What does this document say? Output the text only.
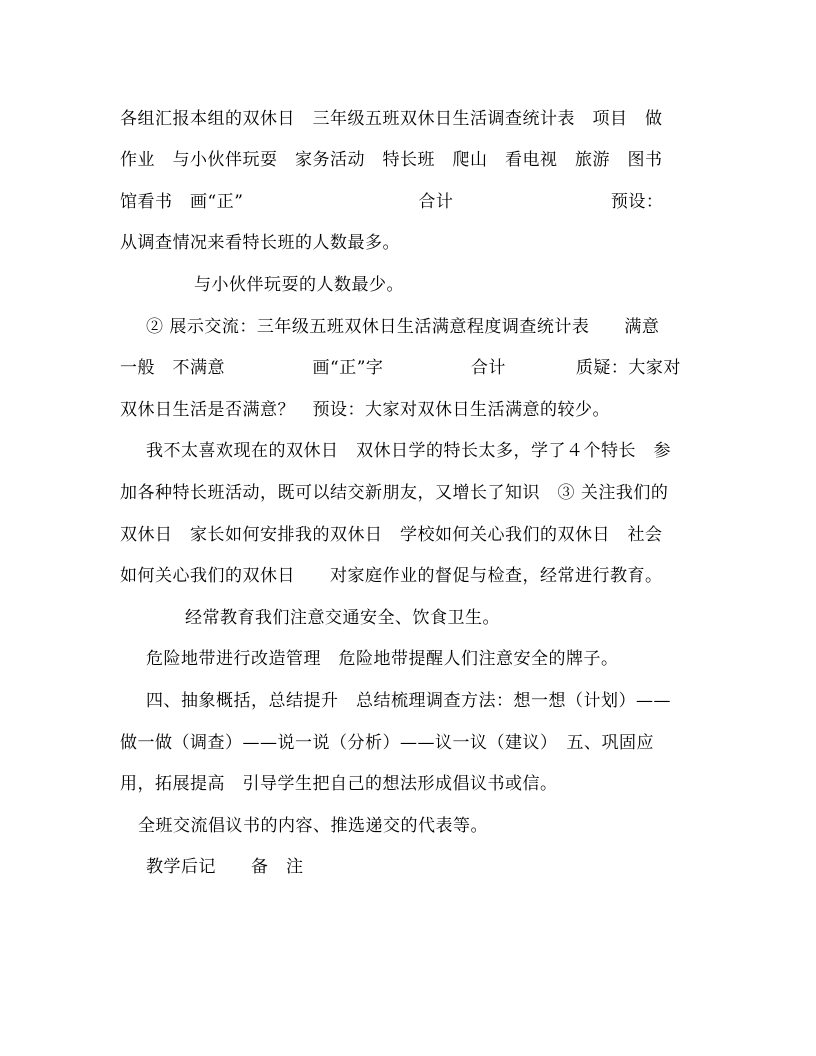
各组汇报本组的双休日　三年级五班双休日生活调查统计表　项目　做
作业　与小伙伴玩耍　家务活动　特长班　爬山　看电视　旅游　图书
馆看书　画“正”　　　　　　　　　　合计　　　　　　　　　预设：
从调查情况来看特长班的人数最多。
与小伙伴玩耍的人数最少。
② 展示交流：三年级五班双休日生活满意程度调查统计表　　满意
一般　不满意　　　　　画“正”字　　　　　合计　　　　质疑：大家对
双休日生活是否满意？　预设：大家对双休日生活满意的较少。
我不太喜欢现在的双休日　双休日学的特长太多，学了４个特长　参
加各种特长班活动，既可以结交新朋友，又增长了知识　③ 关注我们的
双休日　家长如何安排我的双休日　学校如何关心我们的双休日　社会
如何关心我们的双休日　　对家庭作业的督促与检查，经常进行教育。
经常教育我们注意交通安全、饮食卫生。
危险地带进行改造管理　危险地带提醒人们注意安全的牌子。
四、抽象概括，总结提升　总结梳理调查方法：想一想（计划）——
做一做（调查）——说一说（分析）——议一议（建议）　五、巩固应
用，拓展提高　引导学生把自己的想法形成倡议书或信。
全班交流倡议书的内容、推选递交的代表等。
教学后记　　备　注
